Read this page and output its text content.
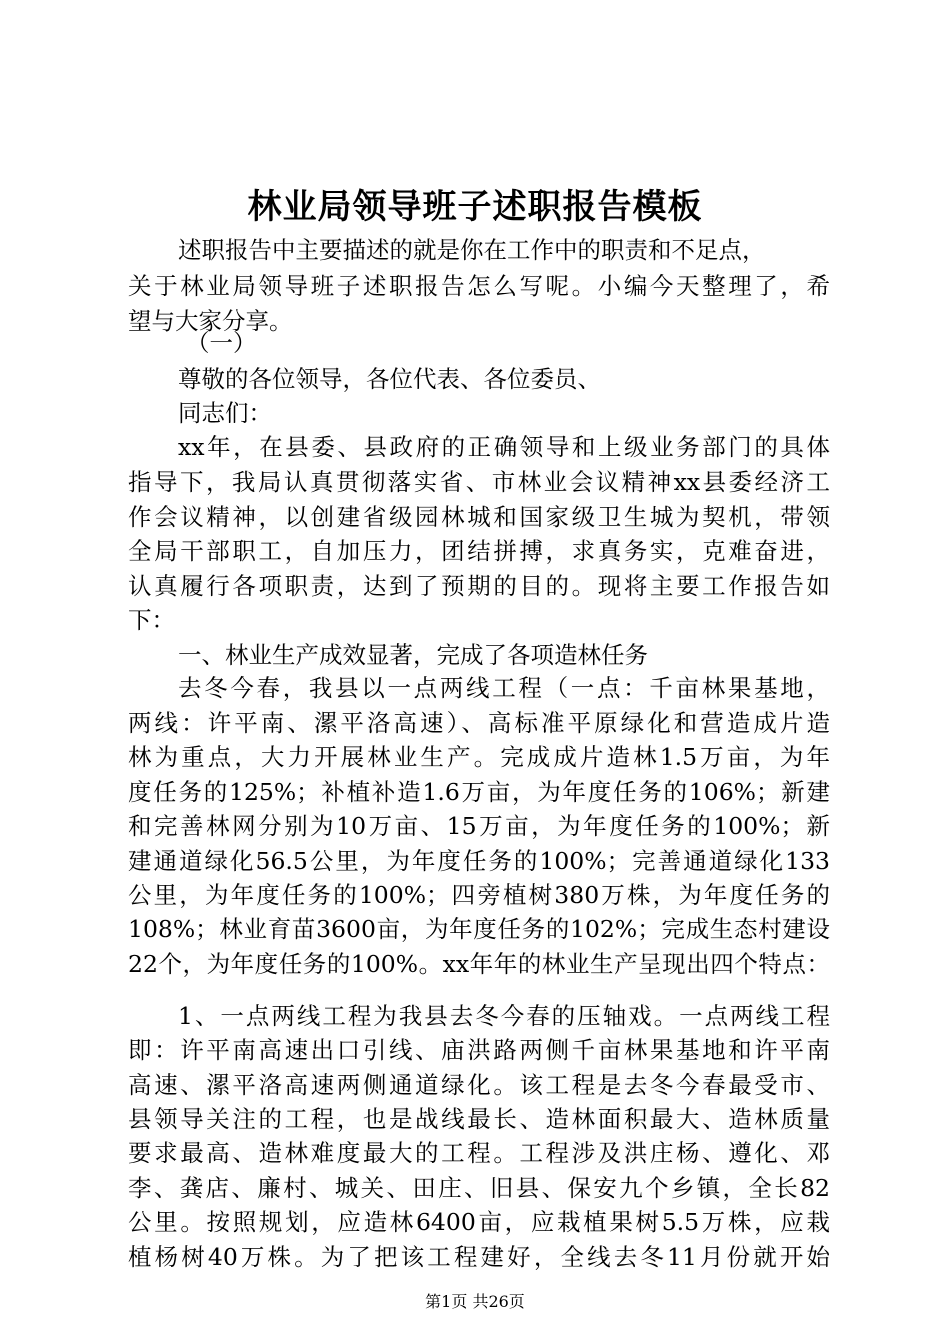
林业局领导班子述职报告模板
述职报告中主要描述的就是你在工作中的职责和不足点，
关于林业局领导班子述职报告怎么写呢。小编今天整理了，希
望与大家分享。
（一）
尊敬的各位领导，各位代表、各位委员、
同志们：
xx年，在县委、县政府的正确领导和上级业务部门的具体
指导下，我局认真贯彻落实省、市林业会议精神xx县委经济工
作会议精神，以创建省级园林城和国家级卫生城为契机，带领
全局干部职工，自加压力，团结拼搏，求真务实，克难奋进，
认真履行各项职责，达到了预期的目的。现将主要工作报告如
下：
一、林业生产成效显著，完成了各项造林任务
去冬今春，我县以一点两线工程（一点：千亩林果基地，
两线：许平南、漯平洛高速）、高标准平原绿化和营造成片造
林为重点，大力开展林业生产。完成成片造林1.5万亩，为年
度任务的125%；补植补造1.6万亩，为年度任务的106%；新建
和完善林网分别为10万亩、15万亩，为年度任务的100%；新
建通道绿化56.5公里，为年度任务的100%；完善通道绿化133
公里，为年度任务的100%；四旁植树380万株，为年度任务的
108%；林业育苗3600亩，为年度任务的102%；完成生态村建设
22个，为年度任务的100%。xx年年的林业生产呈现出四个特点：
1、一点两线工程为我县去冬今春的压轴戏。一点两线工程
即：许平南高速出口引线、庙洪路两侧千亩林果基地和许平南
高速、漯平洛高速两侧通道绿化。该工程是去冬今春最受市、
县领导关注的工程，也是战线最长、造林面积最大、造林质量
要求最高、造林难度最大的工程。工程涉及洪庄杨、遵化、邓
李、龚店、廉村、城关、田庄、旧县、保安九个乡镇，全长82
公里。按照规划，应造林6400亩，应栽植果树5.5万株，应栽
植杨树40万株。为了把该工程建好，全线去冬11月份就开始
第1页 共26页
